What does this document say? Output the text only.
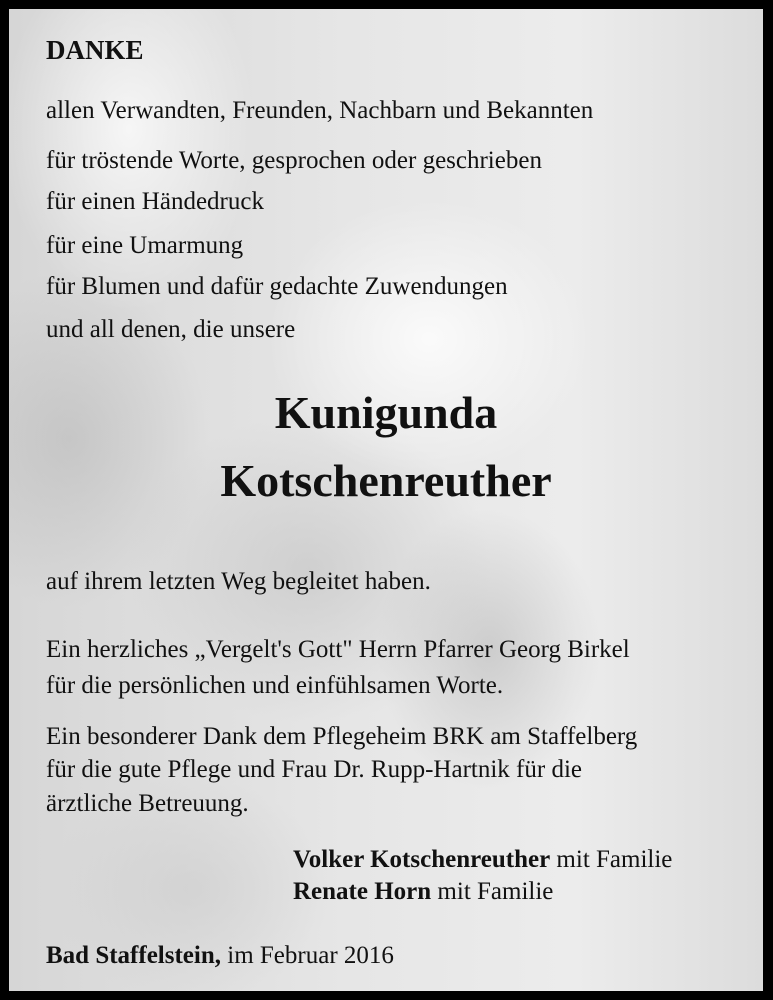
DANKE
allen Verwandten, Freunden, Nachbarn und Bekannten
für tröstende Worte, gesprochen oder geschrieben
für einen Händedruck
für eine Umarmung
für Blumen und dafür gedachte Zuwendungen
und all denen, die unsere
Kunigunda
Kotschenreuther
auf ihrem letzten Weg begleitet haben.
Ein herzliches „Vergelt's Gott" Herrn Pfarrer Georg Birkel
für die persönlichen und einfühlsamen Worte.
Ein besonderer Dank dem Pflegeheim BRK am Staffelberg
für die gute Pflege und Frau Dr. Rupp-Hartnik für die
ärztliche Betreuung.
Volker Kotschenreuther mit Familie
Renate Horn mit Familie
Bad Staffelstein, im Februar 2016
